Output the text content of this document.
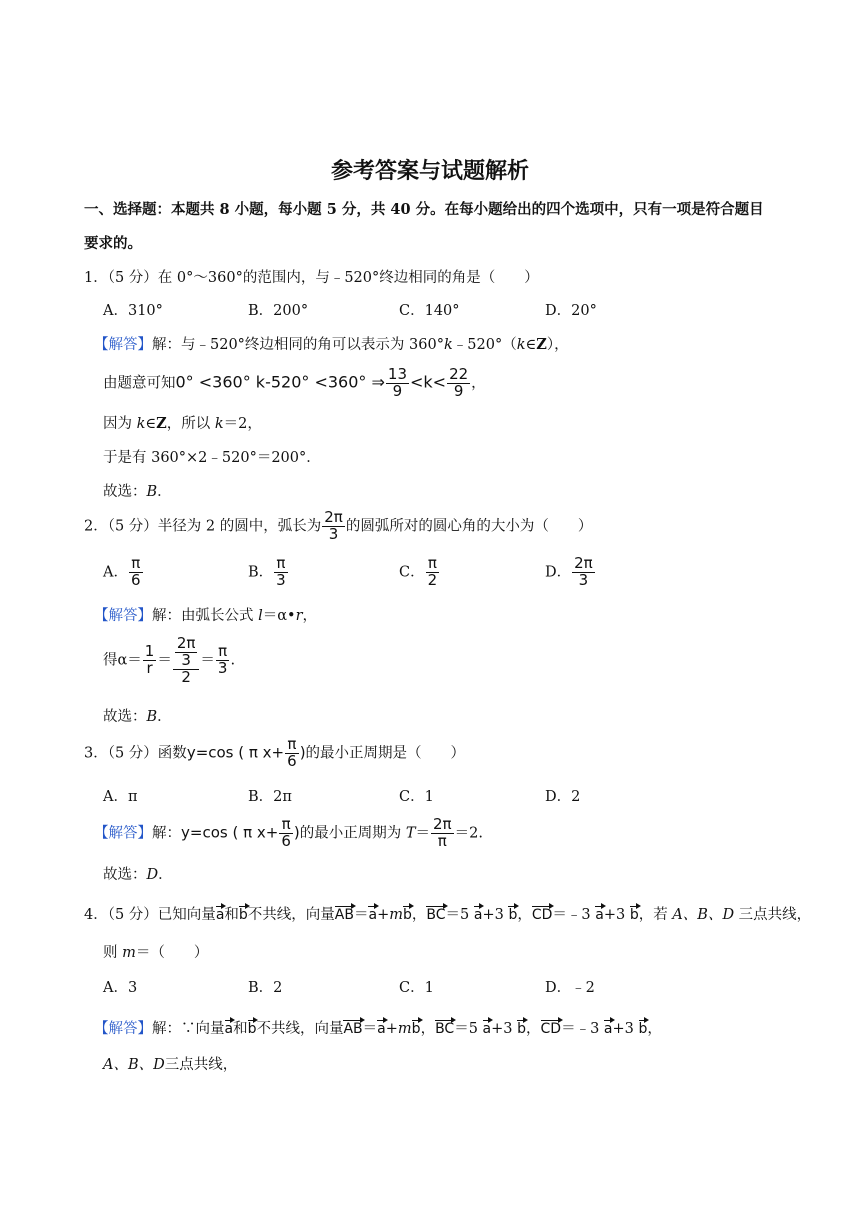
参考答案与试题解析
一、选择题：本题共 8 小题，每小题 5 分，共 40 分。在每小题给出的四个选项中，只有一项是符合题目
要求的。
1．（5 分）在 0°～360°的范围内，与﹣520°终边相同的角是（　　）
A．310°	B．200°	C．140°	D．20°
【解答】解：与﹣520°终边相同的角可以表示为 360°k﹣520°（k∈Z），
由题意可知0° <360° k-520° <360° ⇒ $\frac{13}{9} <k< \frac{22}{9}$ ，
因为 k∈Z，所以 k＝2，
于是有 360°×2﹣520°＝200°．
故选：B．
2．（5 分）半径为 2 的圆中，弧长为 $\frac{2\pi}{3}$ 的圆弧所对的圆心角的大小为（　　）
A． $\frac{\pi}{6}$	B． $\frac{\pi}{3}$	C． $\frac{\pi}{2}$	D． $\frac{2\pi}{3}$
【解答】解：由弧长公式 l＝α•r，
得$\alpha= \frac{1}{r} = \frac{\frac{2\pi}{3}}{2} = \frac{\pi}{3}$ .
故选：B．
3．（5 分）函数y=cos ( π $x+ \frac{\pi}{6}$ )的最小正周期是（　　）
A．π	B．2π	C．1	D．2
【解答】解：y=cos ( π $x+ \frac{\pi}{6}$ )的最小正周期为 $T= \frac{2\pi}{\pi} =2$.
故选：D．
4．（5 分）已知向量a和b不共线，向量AB＝a+mb，BC＝5 a+3 b，CD＝﹣3 a+3 b，若 A、B、D 三点共线，
则 m＝（　　）
A．3	B．2	C．1	D．﹣2
【解答】解：∵向量a和b不共线，向量AB＝a+mb，BC＝5 a+3 b，CD＝﹣3 a+3 b，
A、B、D三点共线，
